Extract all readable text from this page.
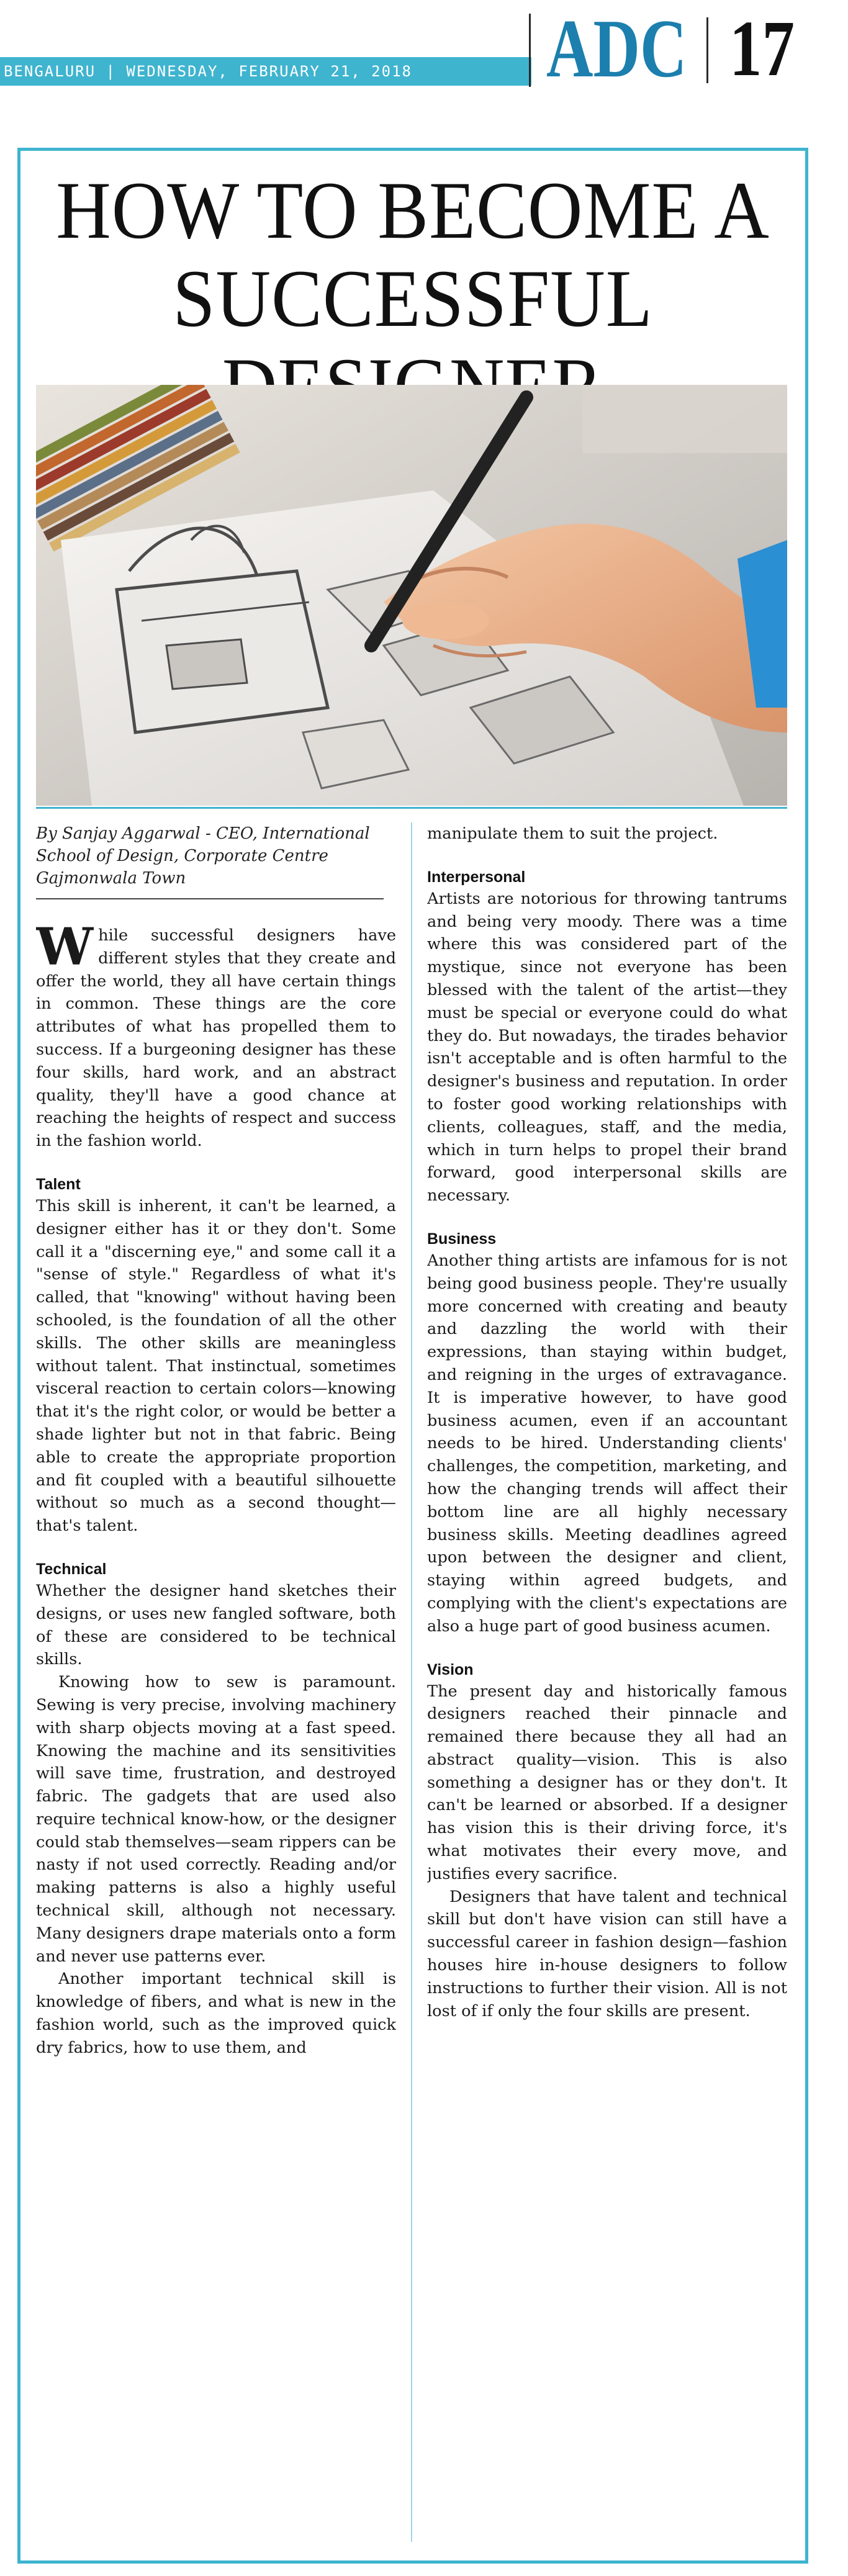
BENGALURU | WEDNESDAY, FEBRUARY 21, 2018	ADC 17
HOW TO BECOME A
SUCCESSFUL
By Sanjay Aggarwal - CEO, International School of Design, Corporate Centre Gajmonwala Town

While successful designers have different styles that they create and offer the world, they all have certain things in common. These things are the core attributes of what has propelled them to success. If a burgeoning designer has these four skills, hard work, and an abstract quality, they'll have a good chance at reaching the heights of respect and success in the fashion world.

Talent

This skill is inherent, it can't be learned, a designer either has it or they don't. Some call it a "discerning eye," and some call it a "sense of style." Regardless of what it's called, that "knowing" without having been schooled, is the foundation of all the other skills. The other skills are meaningless without talent. That instinctual, sometimes visceral reaction to certain colors—knowing that it's the right color, or would be better a shade lighter but not in that fabric. Being able to create the appropriate proportion and fit coupled with a beautiful silhouette without so much as a second thought—that's talent.

Technical

Whether the designer hand sketches their designs, or uses new fangled software, both of these are considered to be technical skills.

Knowing how to sew is paramount. Sewing is very precise, involving machinery with sharp objects moving at a fast speed. Knowing the machine and its sensitivities will save time, frustration, and destroyed fabric. The gadgets that are used also require technical know-how, or the designer could stab themselves—seam rippers can be nasty if not used correctly. Reading and/or making patterns is also a highly useful technical skill, although not necessary. Many designers drape materials onto a form and never use patterns ever.

Another important technical skill is knowledge of fibers, and what is new in the fashion world, such as the improved quick dry fabrics, how to use them, and

manipulate them to suit the project.

Interpersonal

Artists are notorious for throwing tantrums and being very moody. There was a time where this was considered part of the mystique, since not everyone has been blessed with the talent of the artist—they must be special or everyone could do what they do. But nowadays, the tirades behavior isn't acceptable and is often harmful to the designer's business and reputation. In order to foster good working relationships with clients, colleagues, staff, and the media, which in turn helps to propel their brand forward, good interpersonal skills are necessary.

Business

Another thing artists are infamous for is not being good business people. They're usually more concerned with creating and beauty and dazzling the world with their expressions, than staying within budget, and reigning in the urges of extravagance. It is imperative however, to have good business acumen, even if an accountant needs to be hired. Understanding clients' challenges, the competition, marketing, and how the changing trends will affect their bottom line are all highly necessary business skills. Meeting deadlines agreed upon between the designer and client, staying within agreed budgets, and complying with the client's expectations are also a huge part of good business acumen.

Vision

The present day and historically famous designers reached their pinnacle and remained there because they all had an abstract quality—vision. This is also something a designer has or they don't. It can't be learned or absorbed. If a designer has vision this is their driving force, it's what motivates their every move, and justifies every sacrifice.

Designers that have talent and technical skill but don't have vision can still have a successful career in fashion design—fashion houses hire in-house designers to follow instructions to further their vision. All is not lost of if only the four skills are present.
